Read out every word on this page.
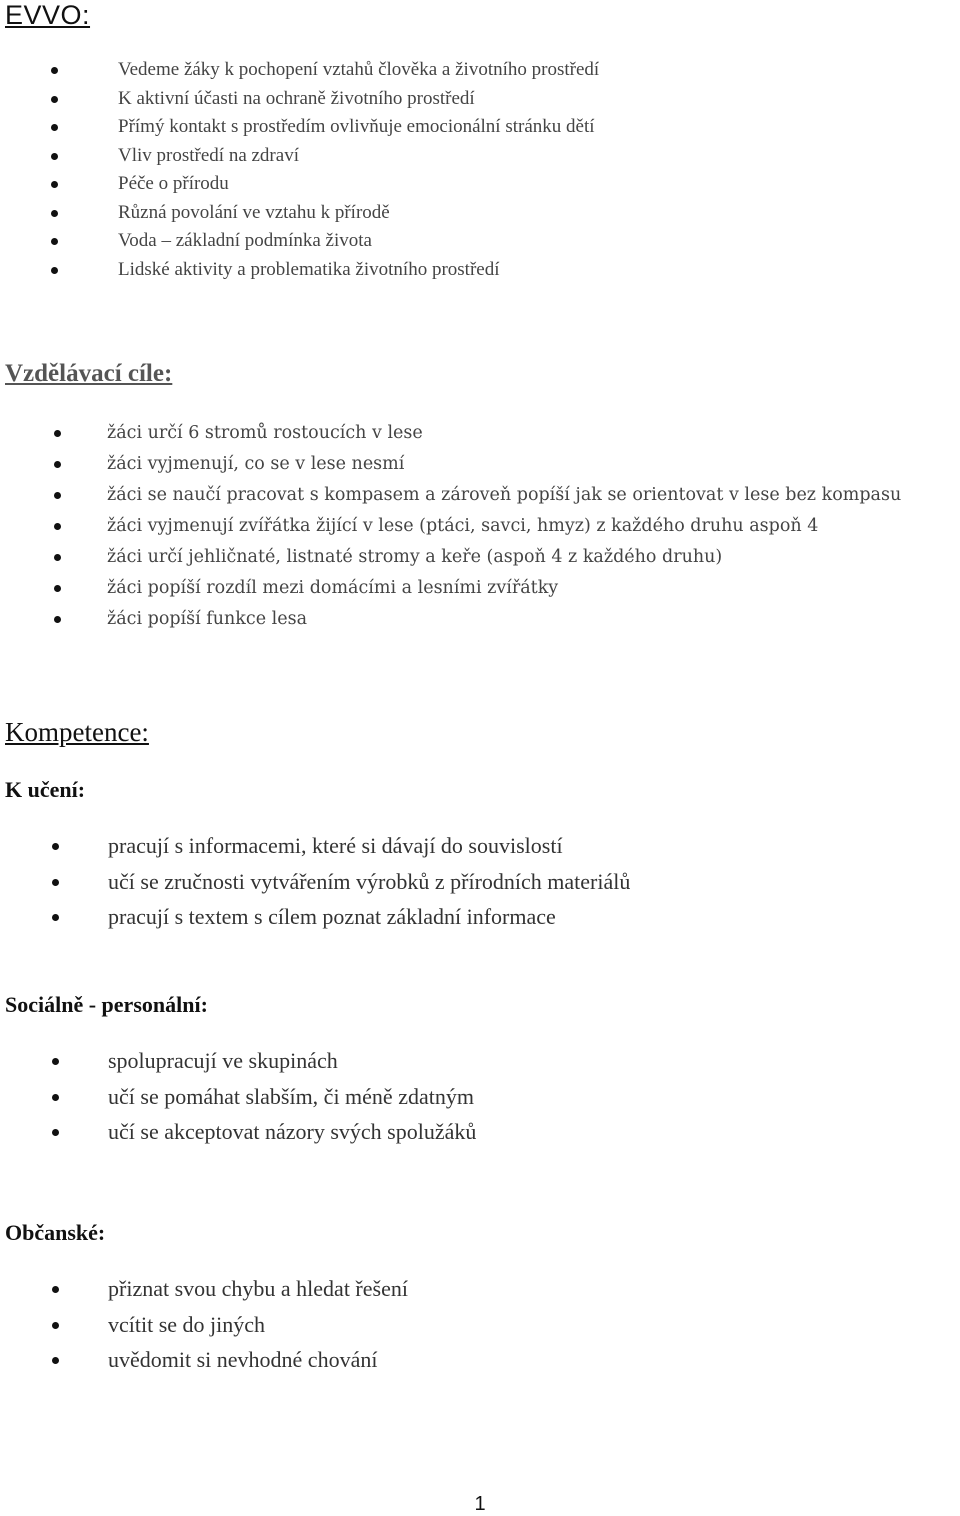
EVVO:
Vedeme žáky k pochopení vztahů člověka a životního prostředí
K aktivní účasti na ochraně životního prostředí
Přímý kontakt s prostředím ovlivňuje emocionální stránku dětí
Vliv prostředí na zdraví
Péče o přírodu
Různá povolání ve vztahu k přírodě
Voda – základní podmínka života
Lidské aktivity a problematika životního prostředí
Vzdělávací cíle:
žáci určí 6 stromů rostoucích v lese
žáci vyjmenují, co se v lese nesmí
žáci se naučí pracovat s kompasem a zároveň popíší jak se orientovat v lese bez kompasu
žáci vyjmenují zvířátka žijící v lese (ptáci, savci, hmyz) z každého druhu aspoň 4
žáci určí jehličnaté, listnaté stromy a keře (aspoň 4 z každého druhu)
žáci popíší rozdíl mezi domácími a lesními zvířátky
žáci popíší funkce lesa
Kompetence:
K učení:
pracují s informacemi, které si dávají do souvislostí
učí se zručnosti vytvářením výrobků z přírodních materiálů
pracují s textem s cílem poznat základní informace
Sociálně - personální:
spolupracují ve skupinách
učí se pomáhat slabším, či méně zdatným
učí se akceptovat názory svých spolužáků
Občanské:
přiznat svou chybu a hledat řešení
vcítit se do jiných
uvědomit si nevhodné chování
1
